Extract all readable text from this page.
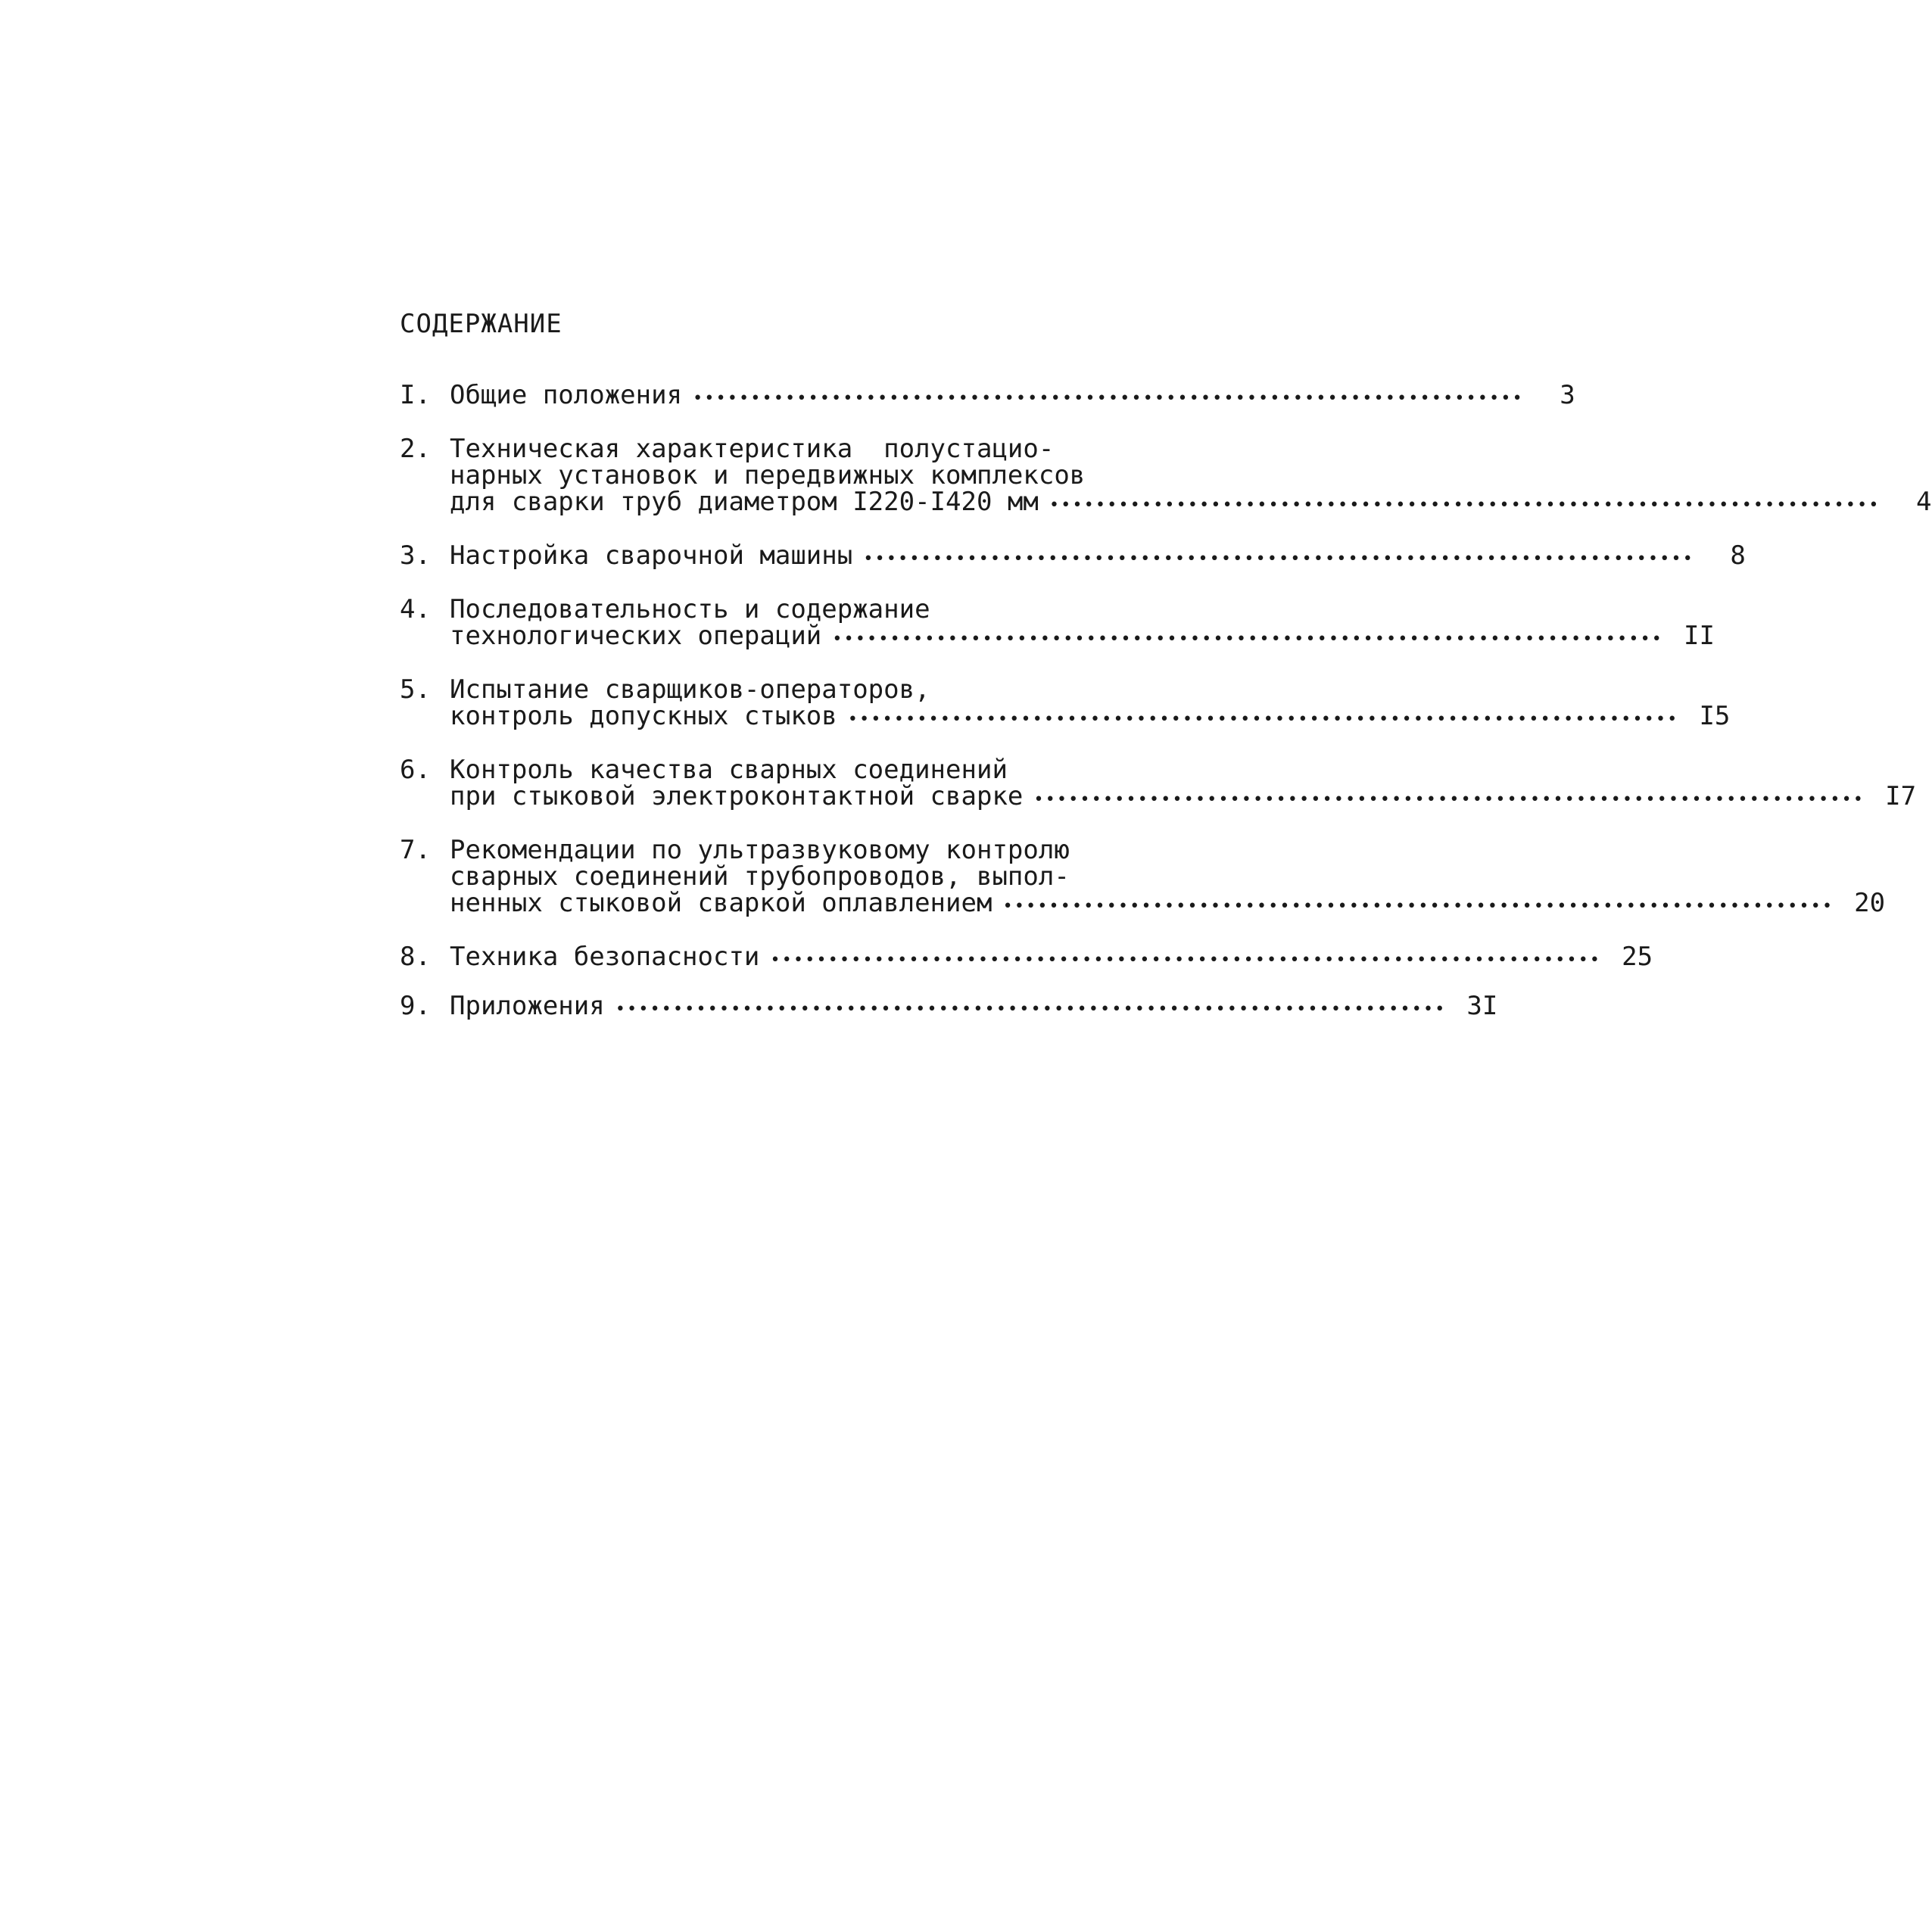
СОДЕРЖАНИЕ
I. Общие положения ••••••••••••••••••••••••••••••••••••••••••••••••••••••••••••••••••••••••	3
2. Техническая характеристика  полустацио-
нарных установок и передвижных комплексов
для сварки труб диаметром I220-I420 мм ••••••••••••••••••••••••••••••••••••••••••••••••••••••••••••••••••••••••	4
3. Настройка сварочной машины ••••••••••••••••••••••••••••••••••••••••••••••••••••••••••••••••••••••••	8
4. Последовательность и содержание
технологических операций •••••••••••••••••••••••••••••••••••••••••••••••••••••••••••••••••••••••• II
5. Испытание сварщиков-операторов,
контроль допускных стыков •••••••••••••••••••••••••••••••••••••••••••••••••••••••••••••••••••••••• I5
6. Контроль качества сварных соединений
при стыковой электроконтактной сварке •••••••••••••••••••••••••••••••••••••••••••••••••••••••••••••••••••••••• I7
7. Рекомендации по ультразвуковому контролю
сварных соединений трубопроводов, выпол-
ненных стыковой сваркой оплавлением •••••••••••••••••••••••••••••••••••••••••••••••••••••••••••••••••••••••• 20
8. Техника безопасности •••••••••••••••••••••••••••••••••••••••••••••••••••••••••••••••••••••••• 25
9. Приложения •••••••••••••••••••••••••••••••••••••••••••••••••••••••••••••••••••••••• 3I
